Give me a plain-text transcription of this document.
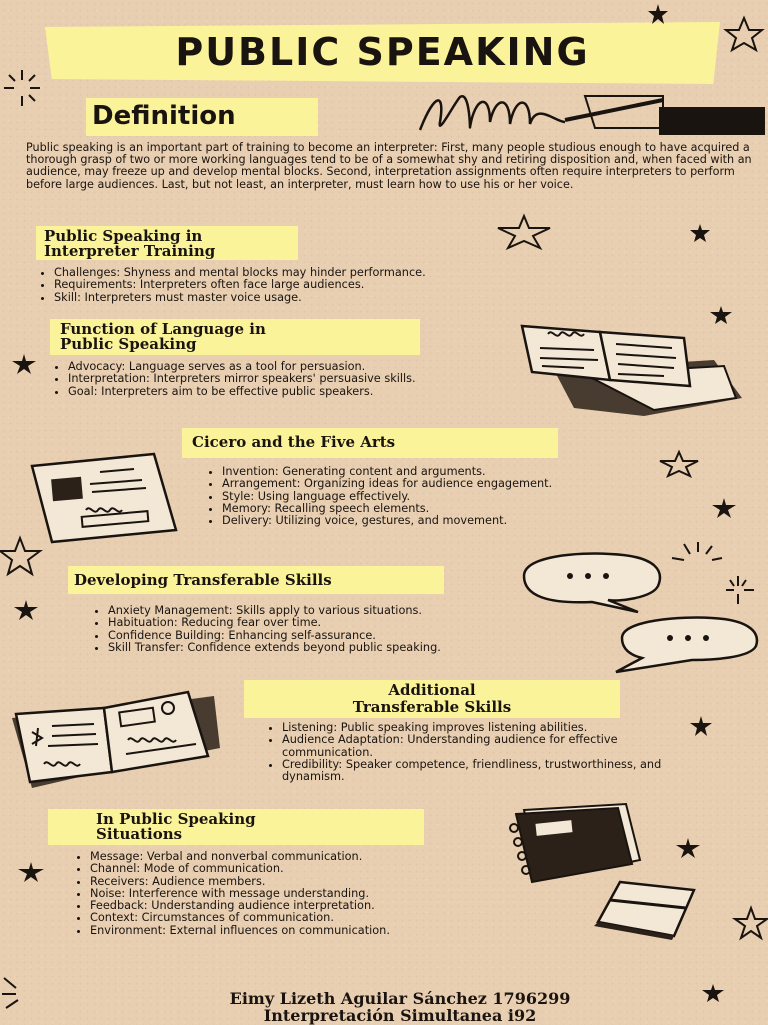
PUBLIC SPEAKING
Definition
Public speaking is an important part of training to become an interpreter: First, many people studious enough to have acquired a thorough grasp of two or more working languages tend to be of a somewhat shy and retiring disposition and, when faced with an audience, may freeze up and develop mental blocks. Second, interpretation assignments often require interpreters to perform before large audiences. Last, but not least, an interpreter, must learn how to use his or her voice.
Public Speaking in
Interpreter Training
• Challenges: Shyness and mental blocks may hinder performance.
• Requirements: Interpreters often face large audiences.
• Skill: Interpreters must master voice usage.
Function of Language in
Public Speaking
• Advocacy: Language serves as a tool for persuasion.
• Interpretation: Interpreters mirror speakers' persuasive skills.
• Goal: Interpreters aim to be effective public speakers.
Cicero and the Five Arts
• Invention: Generating content and arguments.
• Arrangement: Organizing ideas for audience engagement.
• Style: Using language effectively.
• Memory: Recalling speech elements.
• Delivery: Utilizing voice, gestures, and movement.
Developing Transferable Skills
• Anxiety Management: Skills apply to various situations.
• Habituation: Reducing fear over time.
• Confidence Building: Enhancing self-assurance.
• Skill Transfer: Confidence extends beyond public speaking.
Additional
Transferable Skills
• Listening: Public speaking improves listening abilities.
• Audience Adaptation: Understanding audience for effective communication.
• Credibility: Speaker competence, friendliness, trustworthiness, and dynamism.
In Public Speaking
Situations
• Message: Verbal and nonverbal communication.
• Channel: Mode of communication.
• Receivers: Audience members.
• Noise: Interference with message understanding.
• Feedback: Understanding audience interpretation.
• Context: Circumstances of communication.
• Environment: External influences on communication.
Eimy Lizeth Aguilar Sánchez 1796299
Interpretación Simultanea i92
